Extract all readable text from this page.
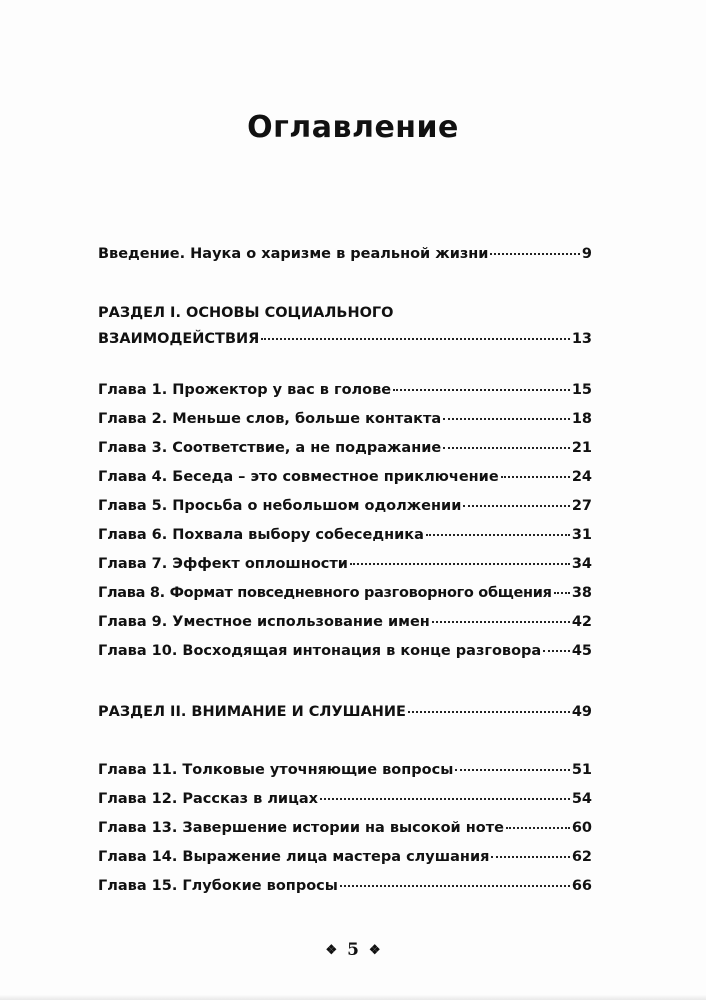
Оглавление
Введение. Наука о харизме в реальной жизни	9
РАЗДЕЛ I. ОСНОВЫ СОЦИАЛЬНОГО
ВЗАИМОДЕЙСТВИЯ	13
Глава 1. Прожектор у вас в голове	15
Глава 2. Меньше слов, больше контакта	18
Глава 3. Соответствие, а не подражание	21
Глава 4. Беседа – это совместное приключение	24
Глава 5. Просьба о небольшом одолжении	27
Глава 6. Похвала выбору собеседника	31
Глава 7. Эффект оплошности	34
Глава 8. Формат повседневного разговорного общения 38
Глава 9. Уместное использование имен	42
Глава 10. Восходящая интонация в конце разговора 45
РАЗДЕЛ II. ВНИМАНИЕ И СЛУШАНИЕ	49
Глава 11. Толковые уточняющие вопросы	51
Глава 12. Рассказ в лицах	54
Глава 13. Завершение истории на высокой ноте	60
Глава 14. Выражение лица мастера слушания	62
Глава 15. Глубокие вопросы	66
❖ 5 ❖
